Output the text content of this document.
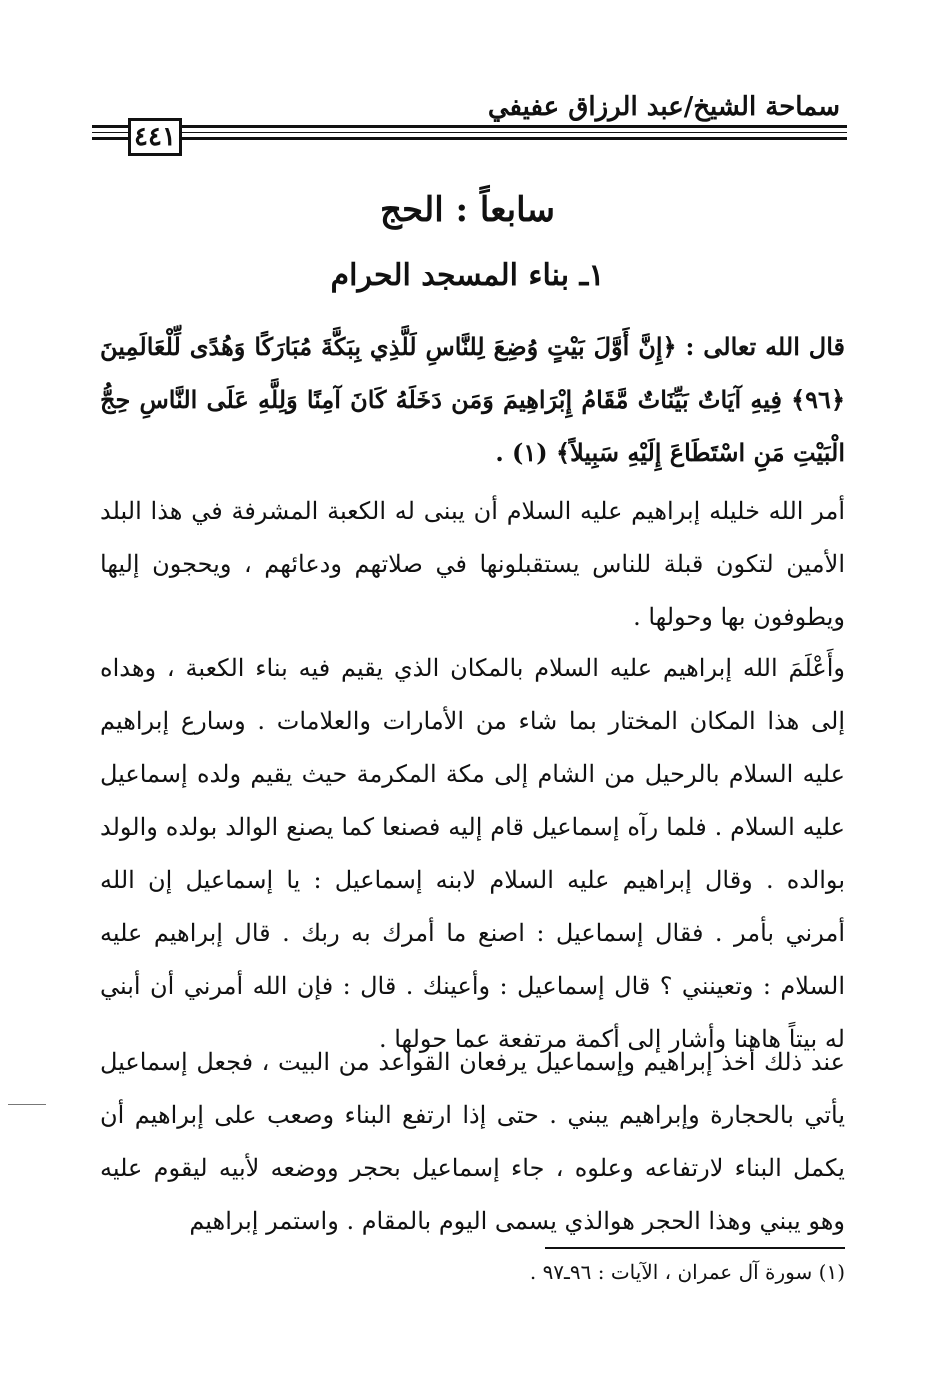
سماحة الشيخ/عبد الرزاق عفيفي
٤٤١
سابعاً : الحج
١ـ بناء المسجد الحرام
قال الله تعالى : ﴿إِنَّ أَوَّلَ بَيْتٍ وُضِعَ لِلنَّاسِ لَلَّذِي بِبَكَّةَ مُبَارَكًا وَهُدًى لِّلْعَالَمِينَ ﴿٩٦﴾ فِيهِ آيَاتٌ بَيِّنَاتٌ مَّقَامُ إِبْرَاهِيمَ وَمَن دَخَلَهُ كَانَ آمِنًا وَلِلَّهِ عَلَى النَّاسِ حِجُّ الْبَيْتِ مَنِ اسْتَطَاعَ إِلَيْهِ سَبِيلاً﴾ (١) .
أمر الله خليله إبراهيم عليه السلام أن يبنى له الكعبة المشرفة في هذا البلد الأمين لتكون قبلة للناس يستقبلونها في صلاتهم ودعائهم ، ويحجون إليها ويطوفون بها وحولها .
وأَعْلَمَ الله إبراهيم عليه السلام بالمكان الذي يقيم فيه بناء الكعبة ، وهداه إلى هذا المكان المختار بما شاء من الأمارات والعلامات . وسارع إبراهيم عليه السلام بالرحيل من الشام إلى مكة المكرمة حيث يقيم ولده إسماعيل عليه السلام . فلما رآه إسماعيل قام إليه فصنعا كما يصنع الوالد بولده والولد بوالده . وقال إبراهيم عليه السلام لابنه إسماعيل : يا إسماعيل إن الله أمرني بأمر . فقال إسماعيل : اصنع ما أمرك به ربك . قال إبراهيم عليه السلام : وتعينني ؟ قال إسماعيل : وأعينك . قال : فإن الله أمرني أن أبني له بيتاً هاهنا وأشار إلى أكمة مرتفعة عما حولها .
عند ذلك أخذ إبراهيم وإسماعيل يرفعان القواعد من البيت ، فجعل إسماعيل يأتي بالحجارة وإبراهيم يبني . حتى إذا ارتفع البناء وصعب على إبراهيم أن يكمل البناء لارتفاعه وعلوه ، جاء إسماعيل بحجر ووضعه لأبيه ليقوم عليه وهو يبني وهذا الحجر هوالذي يسمى اليوم بالمقام . واستمر إبراهيم
(١) سورة آل عمران ، الآيات : ٩٦ـ٩٧ .
